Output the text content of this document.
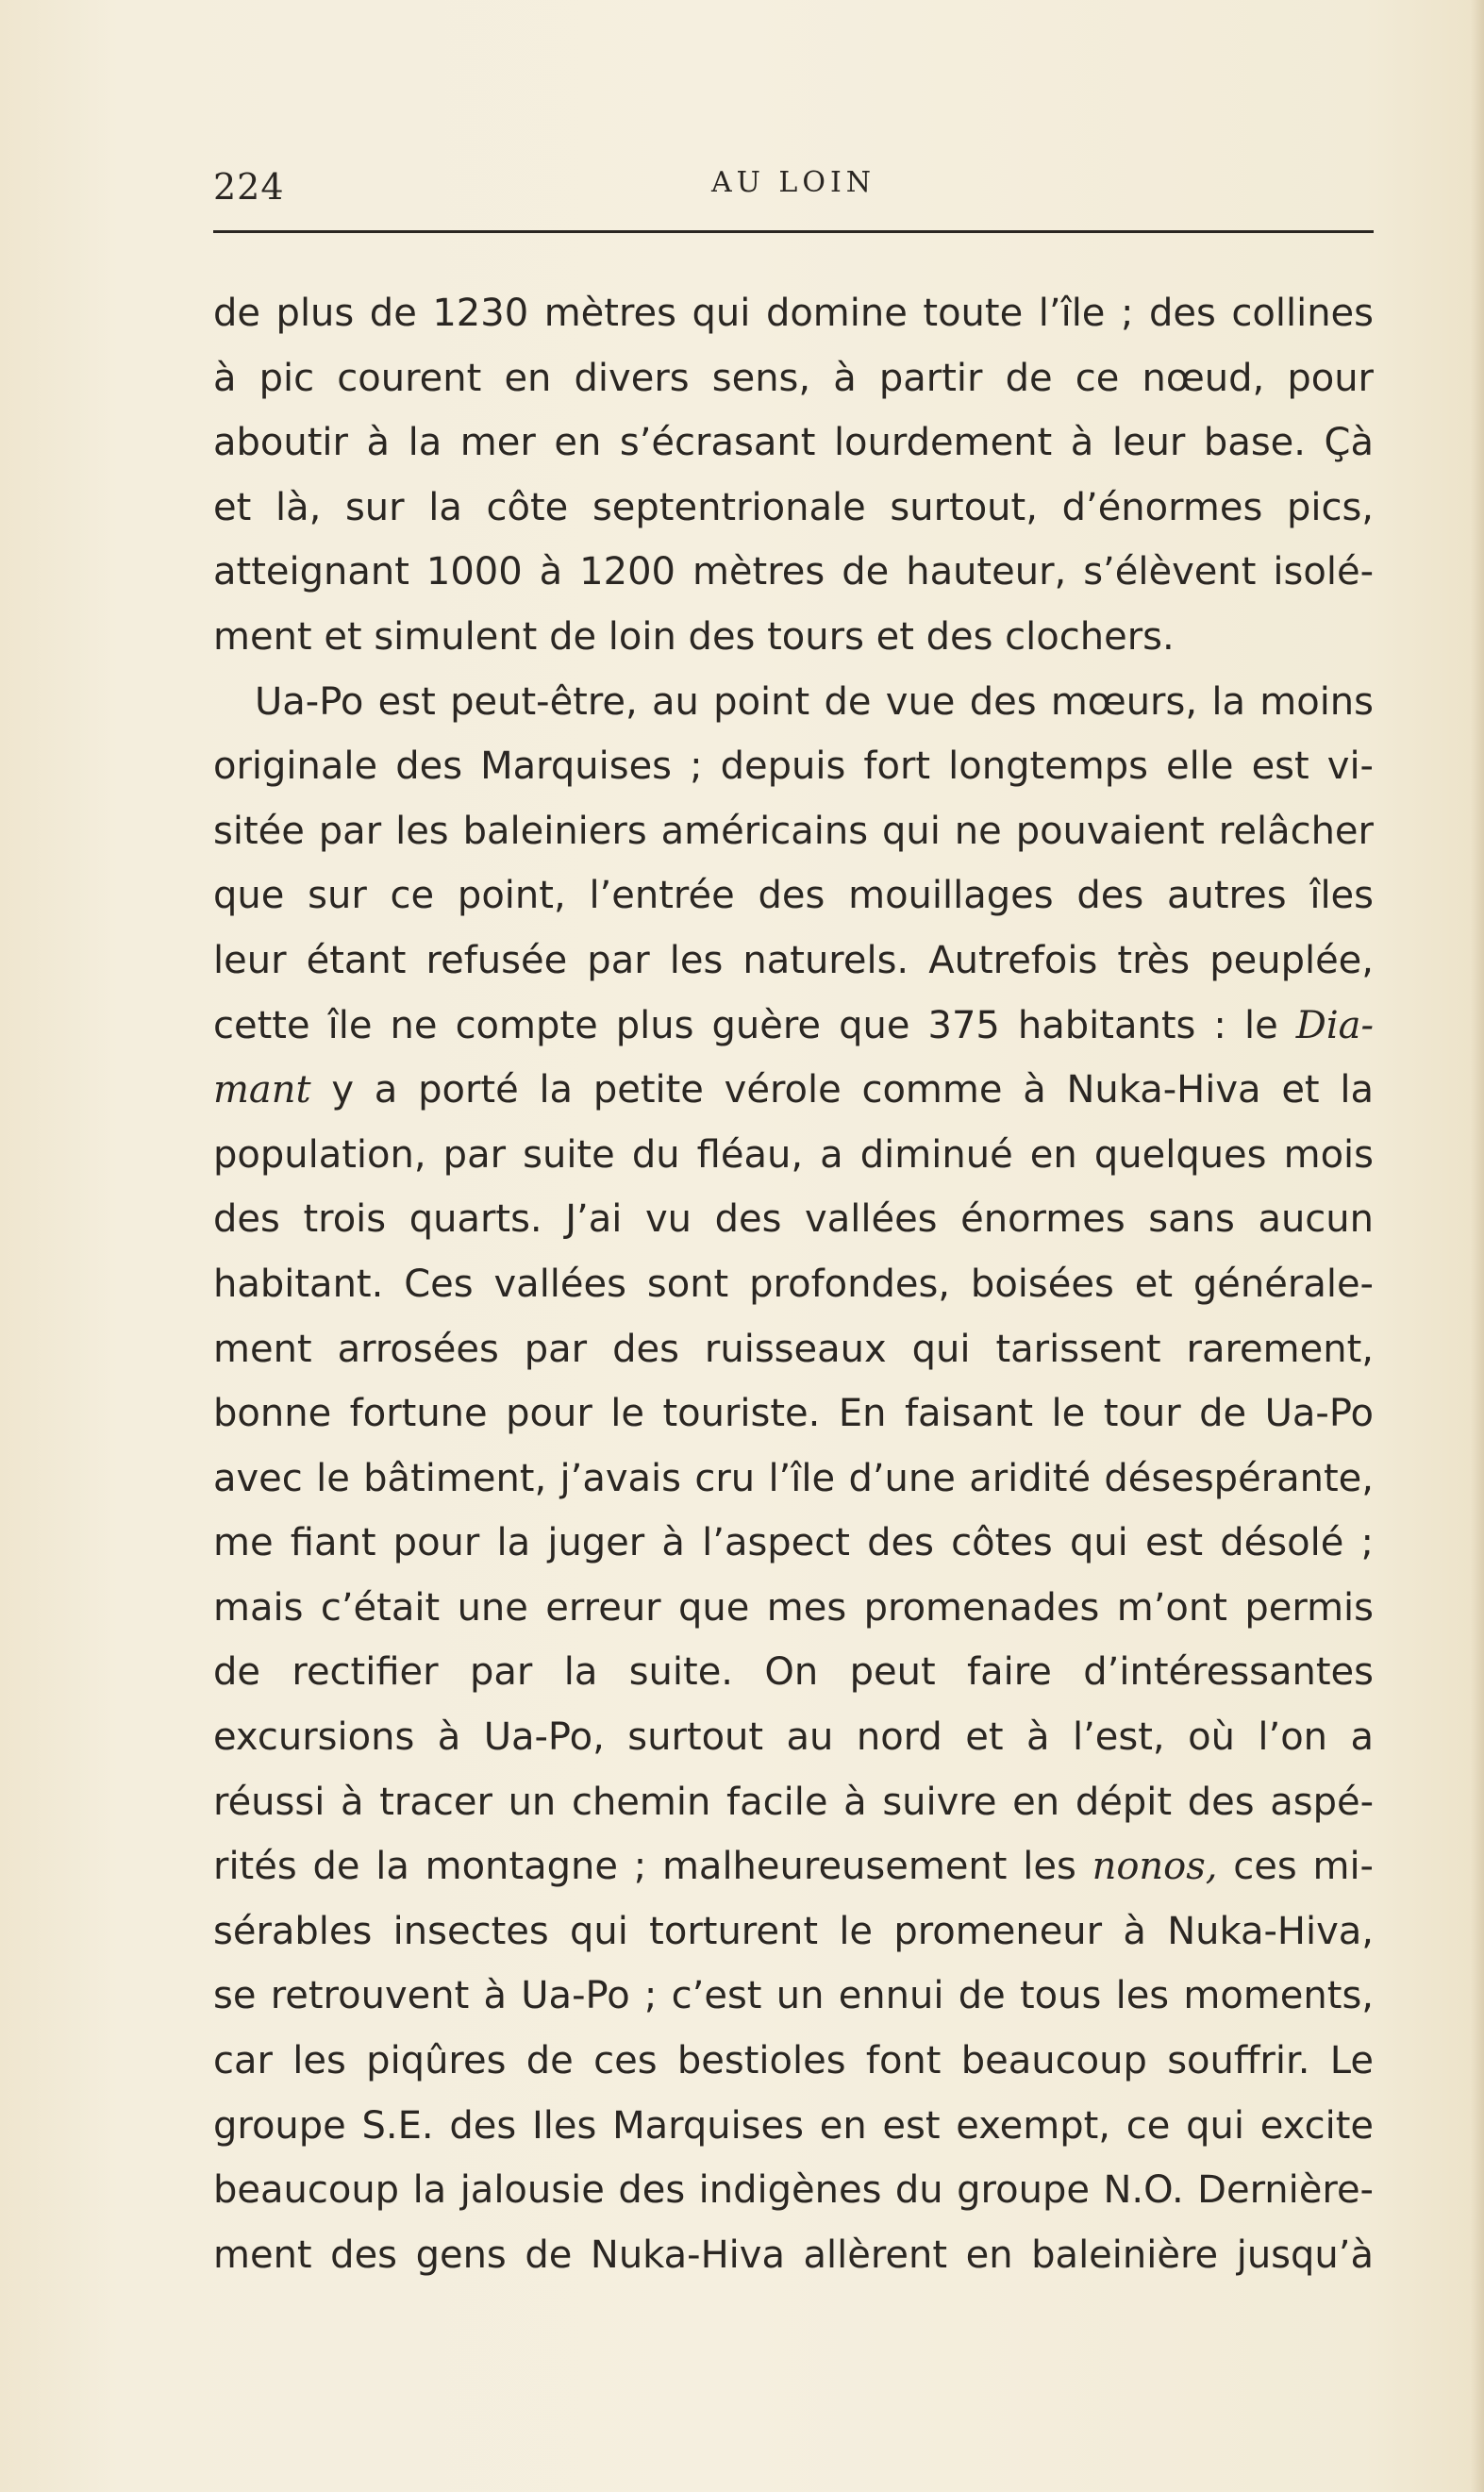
224	AU LOIN
de plus de 1230 mètres qui domine toute l’île ; des collines
à pic courent en divers sens, à partir de ce nœud, pour
aboutir à la mer en s’écrasant lourdement à leur base. Çà
et là, sur la côte septentrionale surtout, d’énormes pics,
atteignant 1000 à 1200 mètres de hauteur, s’élèvent isolé-
ment et simulent de loin des tours et des clochers.
Ua-Po est peut-être, au point de vue des mœurs, la moins
originale des Marquises ; depuis fort longtemps elle est vi-
sitée par les baleiniers américains qui ne pouvaient relâcher
que sur ce point, l’entrée des mouillages des autres îles
leur étant refusée par les naturels. Autrefois très peuplée,
cette île ne compte plus guère que 375 habitants : le Dia-
mant y a porté la petite vérole comme à Nuka-Hiva et la
population, par suite du fléau, a diminué en quelques mois
des trois quarts. J’ai vu des vallées énormes sans aucun
habitant. Ces vallées sont profondes, boisées et générale-
ment arrosées par des ruisseaux qui tarissent rarement,
bonne fortune pour le touriste. En faisant le tour de Ua-Po
avec le bâtiment, j’avais cru l’île d’une aridité désespérante,
me fiant pour la juger à l’aspect des côtes qui est désolé ;
mais c’était une erreur que mes promenades m’ont permis
de rectifier par la suite. On peut faire d’intéressantes
excursions à Ua-Po, surtout au nord et à l’est, où l’on a
réussi à tracer un chemin facile à suivre en dépit des aspé-
rités de la montagne ; malheureusement les nonos, ces mi-
sérables insectes qui torturent le promeneur à Nuka-Hiva,
se retrouvent à Ua-Po ; c’est un ennui de tous les moments,
car les piqûres de ces bestioles font beaucoup souffrir. Le
groupe S.E. des Iles Marquises en est exempt, ce qui excite
beaucoup la jalousie des indigènes du groupe N.O. Dernière-
ment des gens de Nuka-Hiva allèrent en baleinière jusqu’à
